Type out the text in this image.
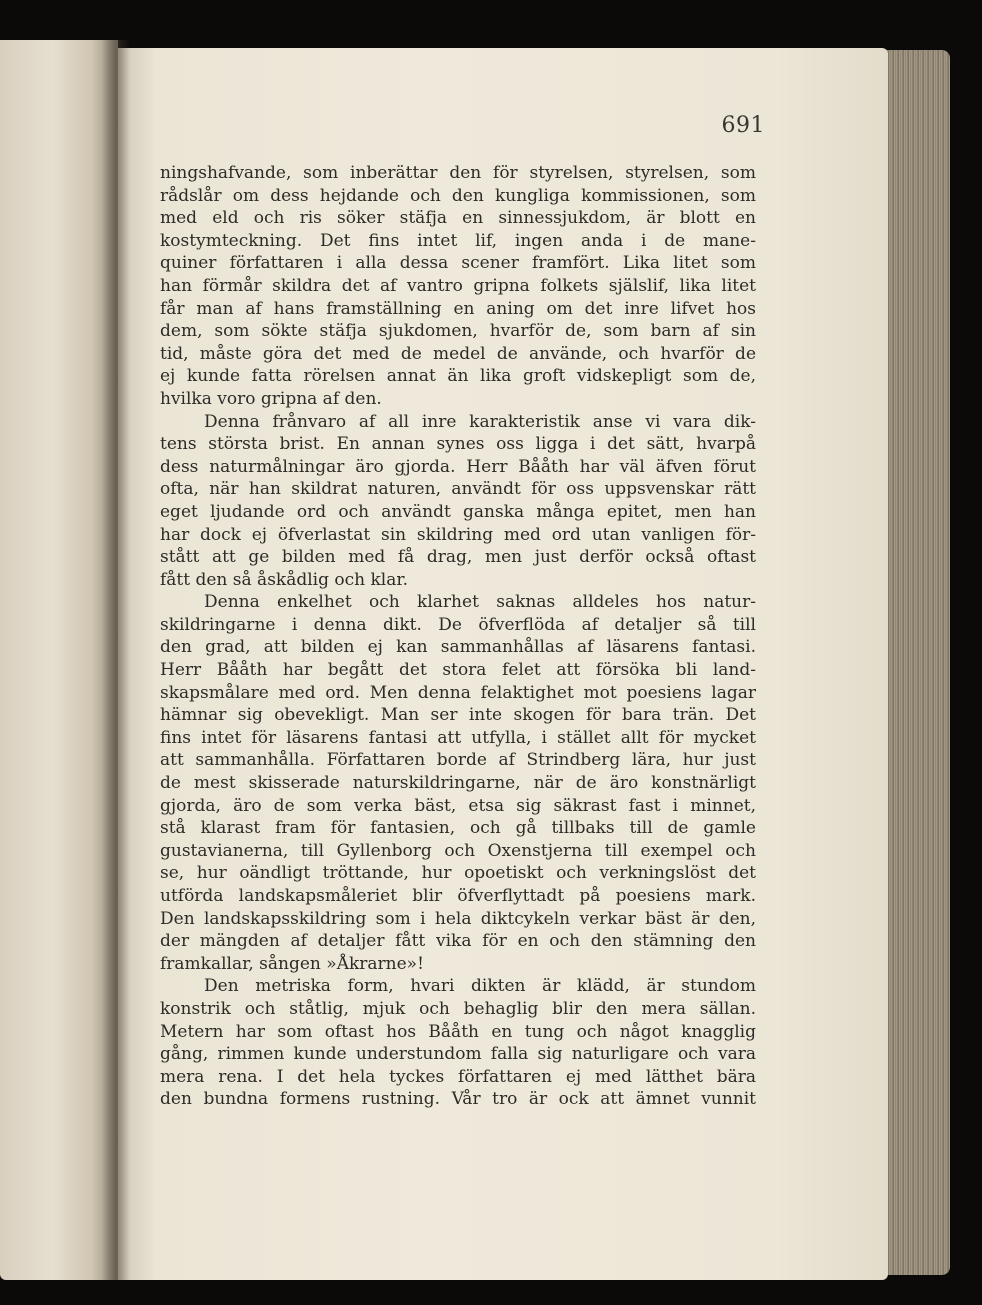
691
ningshafvande, som inberättar den för styrelsen, styrelsen, som
rådslår om dess hejdande och den kungliga kommissionen, som
med eld och ris söker stäfja en sinnessjukdom, är blott en
kostymteckning. Det fins intet lif, ingen anda i de mane-
quiner författaren i alla dessa scener framfört. Lika litet som
han förmår skildra det af vantro gripna folkets själslif, lika litet
får man af hans framställning en aning om det inre lifvet hos
dem, som sökte stäfja sjukdomen, hvarför de, som barn af sin
tid, måste göra det med de medel de använde, och hvarför de
ej kunde fatta rörelsen annat än lika groft vidskepligt som de,
hvilka voro gripna af den.
Denna frånvaro af all inre karakteristik anse vi vara dik-
tens största brist. En annan synes oss ligga i det sätt, hvarpå
dess naturmålningar äro gjorda. Herr Bååth har väl äfven förut
ofta, när han skildrat naturen, användt för oss uppsvenskar rätt
eget ljudande ord och användt ganska många epitet, men han
har dock ej öfverlastat sin skildring med ord utan vanligen för-
stått att ge bilden med få drag, men just derför också oftast
fått den så åskådlig och klar.
Denna enkelhet och klarhet saknas alldeles hos natur-
skildringarne i denna dikt. De öfverflöda af detaljer så till
den grad, att bilden ej kan sammanhållas af läsarens fantasi.
Herr Bååth har begått det stora felet att försöka bli land-
skapsmålare med ord. Men denna felaktighet mot poesiens lagar
hämnar sig obevekligt. Man ser inte skogen för bara trän. Det
fins intet för läsarens fantasi att utfylla, i stället allt för mycket
att sammanhålla. Författaren borde af Strindberg lära, hur just
de mest skisserade naturskildringarne, när de äro konstnärligt
gjorda, äro de som verka bäst, etsa sig säkrast fast i minnet,
stå klarast fram för fantasien, och gå tillbaks till de gamle
gustavianerna, till Gyllenborg och Oxenstjerna till exempel och
se, hur oändligt tröttande, hur opoetiskt och verkningslöst det
utförda landskapsmåleriet blir öfverflyttadt på poesiens mark.
Den landskapsskildring som i hela diktcykeln verkar bäst är den,
der mängden af detaljer fått vika för en och den stämning den
framkallar, sången »Åkrarne»!
Den metriska form, hvari dikten är klädd, är stundom
konstrik och ståtlig, mjuk och behaglig blir den mera sällan.
Metern har som oftast hos Bååth en tung och något knagglig
gång, rimmen kunde understundom falla sig naturligare och vara
mera rena. I det hela tyckes författaren ej med lätthet bära
den bundna formens rustning. Vår tro är ock att ämnet vunnit
